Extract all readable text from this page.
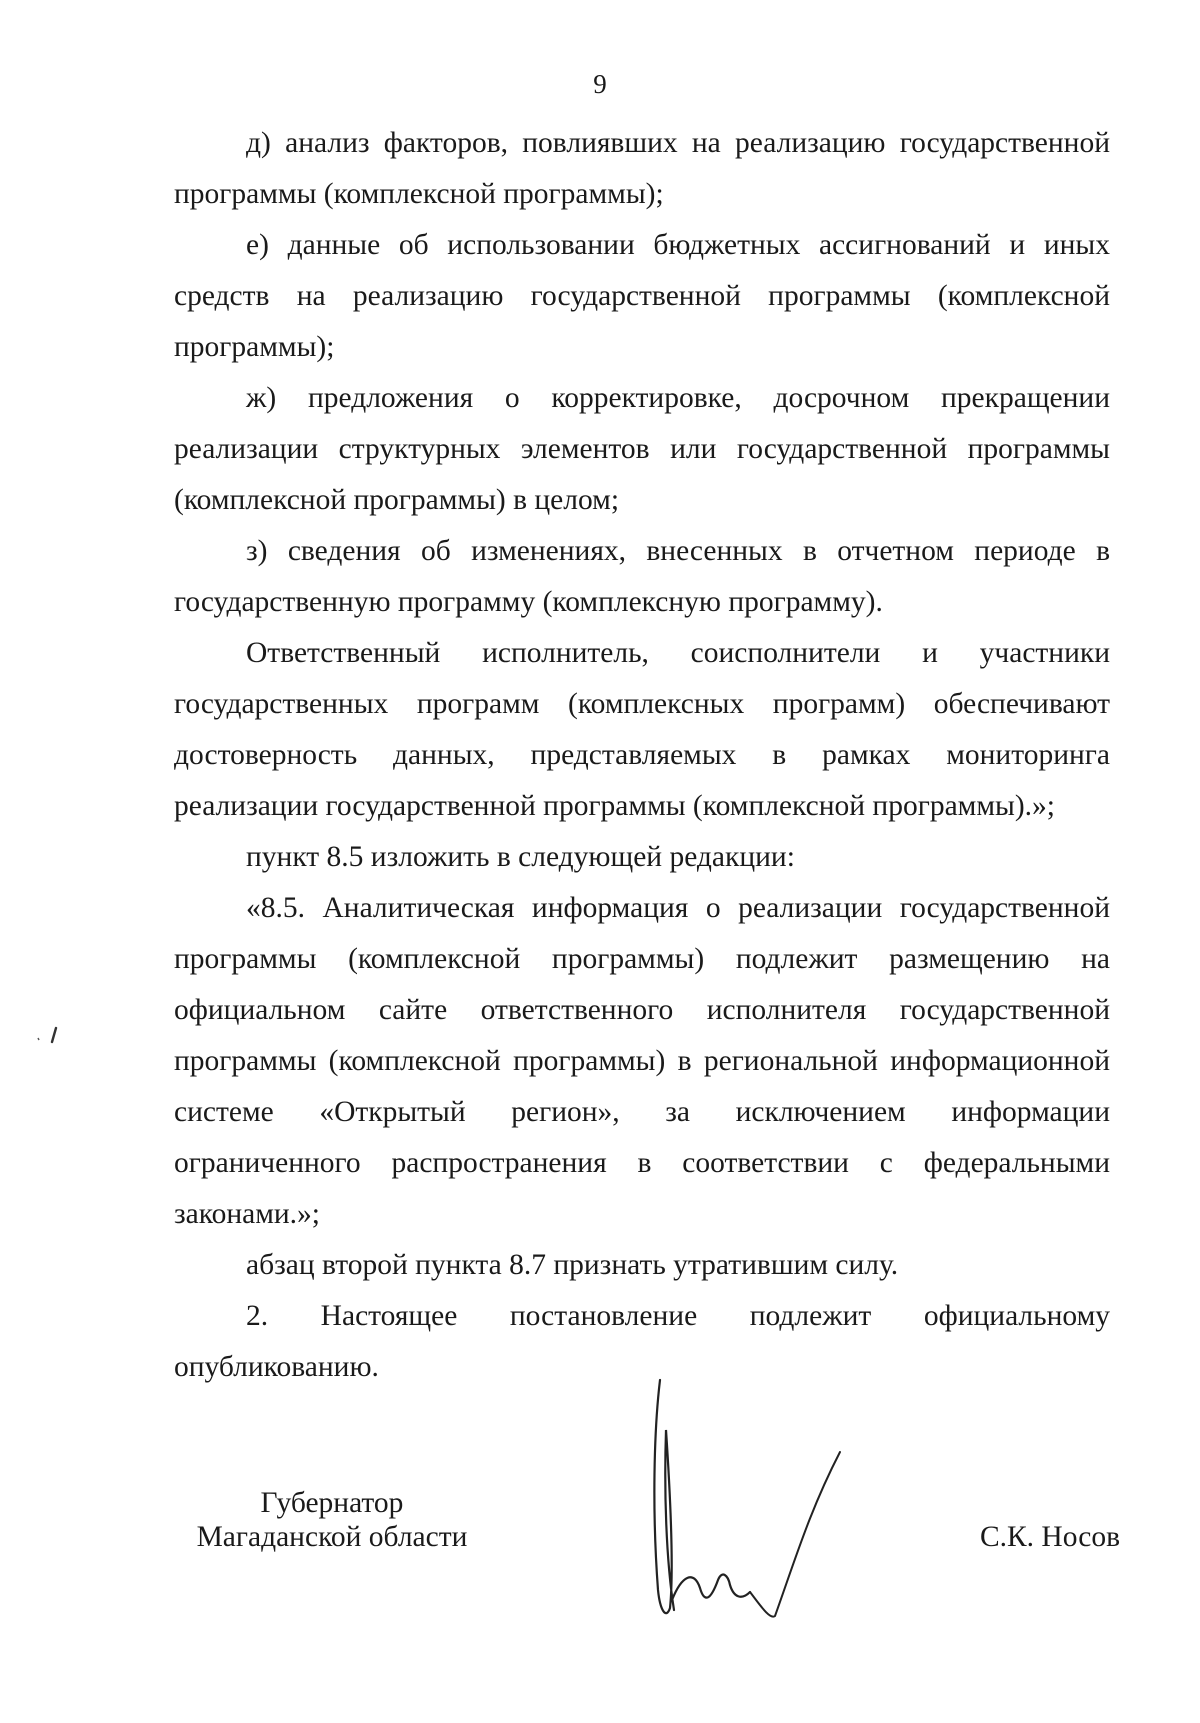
9

д) анализ факторов, повлиявших на реализацию государственной программы (комплексной программы);

е) данные об использовании бюджетных ассигнований и иных средств на реализацию государственной программы (комплексной программы);

ж) предложения о корректировке, досрочном прекращении реализации структурных элементов или государственной программы (комплексной программы) в целом;

з) сведения об изменениях, внесенных в отчетном периоде в государственную программу (комплексную программу).

Ответственный исполнитель, соисполнители и участники государственных программ (комплексных программ) обеспечивают достоверность данных, представляемых в рамках мониторинга реализации государственной программы (комплексной программы).»;

пункт 8.5 изложить в следующей редакции:

«8.5. Аналитическая информация о реализации государственной программы (комплексной программы) подлежит размещению на официальном сайте ответственного исполнителя государственной программы (комплексной программы) в региональной информационной системе «Открытый регион», за исключением информации ограниченного распространения в соответствии с федеральными законами.»;

абзац второй пункта 8.7 признать утратившим силу.

2. Настоящее постановление подлежит официальному опубликованию.

Губернатор
Магаданской области	С.К. Носов
